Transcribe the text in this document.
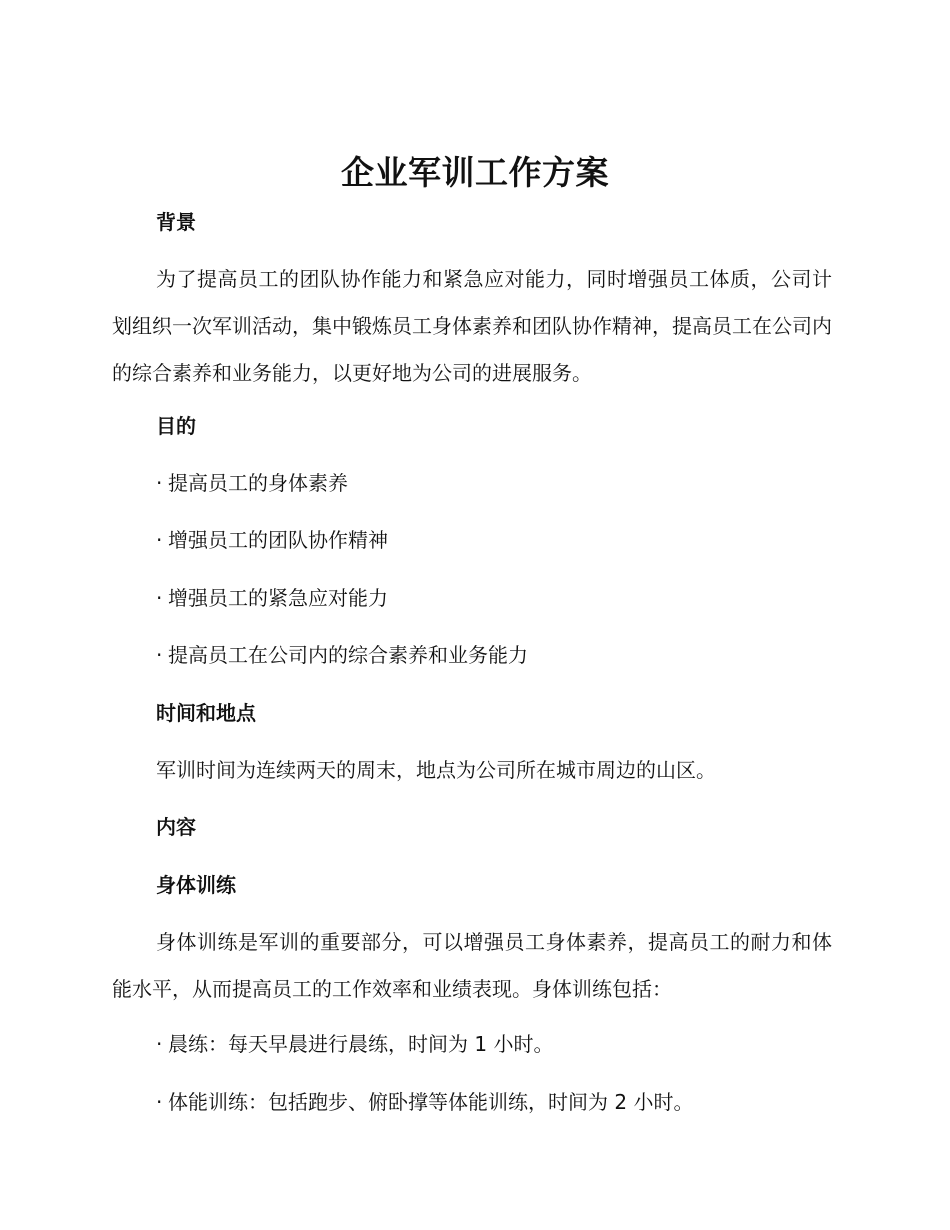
企业军训工作方案
背景

为了提高员工的团队协作能力和紧急应对能力，同时增强员工体质，公司计划组织一次军训活动，集中锻炼员工身体素养和团队协作精神，提高员工在公司内的综合素养和业务能力，以更好地为公司的进展服务。

目的
· 提高员工的身体素养
· 增强员工的团队协作精神
· 增强员工的紧急应对能力
· 提高员工在公司内的综合素养和业务能力
时间和地点

军训时间为连续两天的周末，地点为公司所在城市周边的山区。

内容
身体训练

身体训练是军训的重要部分，可以增强员工身体素养，提高员工的耐力和体能水平，从而提高员工的工作效率和业绩表现。身体训练包括：

· 晨练：每天早晨进行晨练，时间为 1 小时。
· 体能训练：包括跑步、俯卧撑等体能训练，时间为 2 小时。
